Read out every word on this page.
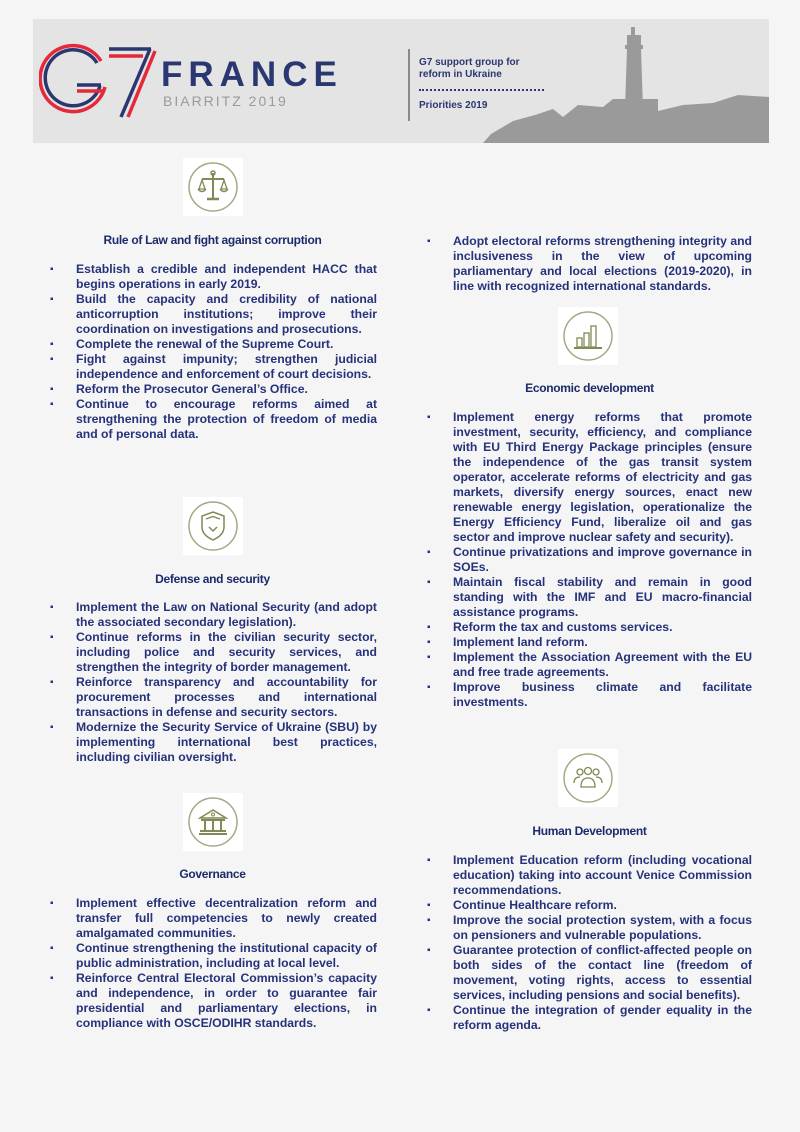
FRANCE
BIARRITZ 2019
G7 support group for reform in Ukraine
Priorities 2019
Rule of Law and fight against corruption
▪ Establish a credible and independent HACC that begins operations in early 2019.
▪ Build the capacity and credibility of national anticorruption institutions; improve their coordination on investigations and prosecutions.
▪ Complete the renewal of the Supreme Court.
▪ Fight against impunity; strengthen judicial independence and enforcement of court decisions.
▪ Reform the Prosecutor General’s Office.
▪ Continue to encourage reforms aimed at strengthening the protection of freedom of media and of personal data.
Defense and security
▪ Implement the Law on National Security (and adopt the associated secondary legislation).
▪ Continue reforms in the civilian security sector, including police and security services, and strengthen the integrity of border management.
▪ Reinforce transparency and accountability for procurement processes and international transactions in defense and security sectors.
▪ Modernize the Security Service of Ukraine (SBU) by implementing international best practices, including civilian oversight.
Governance
▪ Implement effective decentralization reform and transfer full competencies to newly created amalgamated communities.
▪ Continue strengthening the institutional capacity of public administration, including at local level.
▪ Reinforce Central Electoral Commission’s capacity and independence, in order to guarantee fair presidential and parliamentary elections, in compliance with OSCE/ODIHR standards.
▪ Adopt electoral reforms strengthening integrity and inclusiveness in the view of upcoming parliamentary and local elections (2019-2020), in line with recognized international standards.
Economic development
▪ Implement energy reforms that promote investment, security, efficiency, and compliance with EU Third Energy Package principles (ensure the independence of the gas transit system operator, accelerate reforms of electricity and gas markets, diversify energy sources, enact new renewable energy legislation, operationalize the Energy Efficiency Fund, liberalize oil and gas sector and improve nuclear safety and security).
▪ Continue privatizations and improve governance in SOEs.
▪ Maintain fiscal stability and remain in good standing with the IMF and EU macro-financial assistance programs.
▪ Reform the tax and customs services.
▪ Implement land reform.
▪ Implement the Association Agreement with the EU and free trade agreements.
▪ Improve business climate and facilitate investments.
Human Development
▪ Implement Education reform (including vocational education) taking into account Venice Commission recommendations.
▪ Continue Healthcare reform.
▪ Improve the social protection system, with a focus on pensioners and vulnerable populations.
▪ Guarantee protection of conflict-affected people on both sides of the contact line (freedom of movement, voting rights, access to essential services, including pensions and social benefits).
▪ Continue the integration of gender equality in the reform agenda.
